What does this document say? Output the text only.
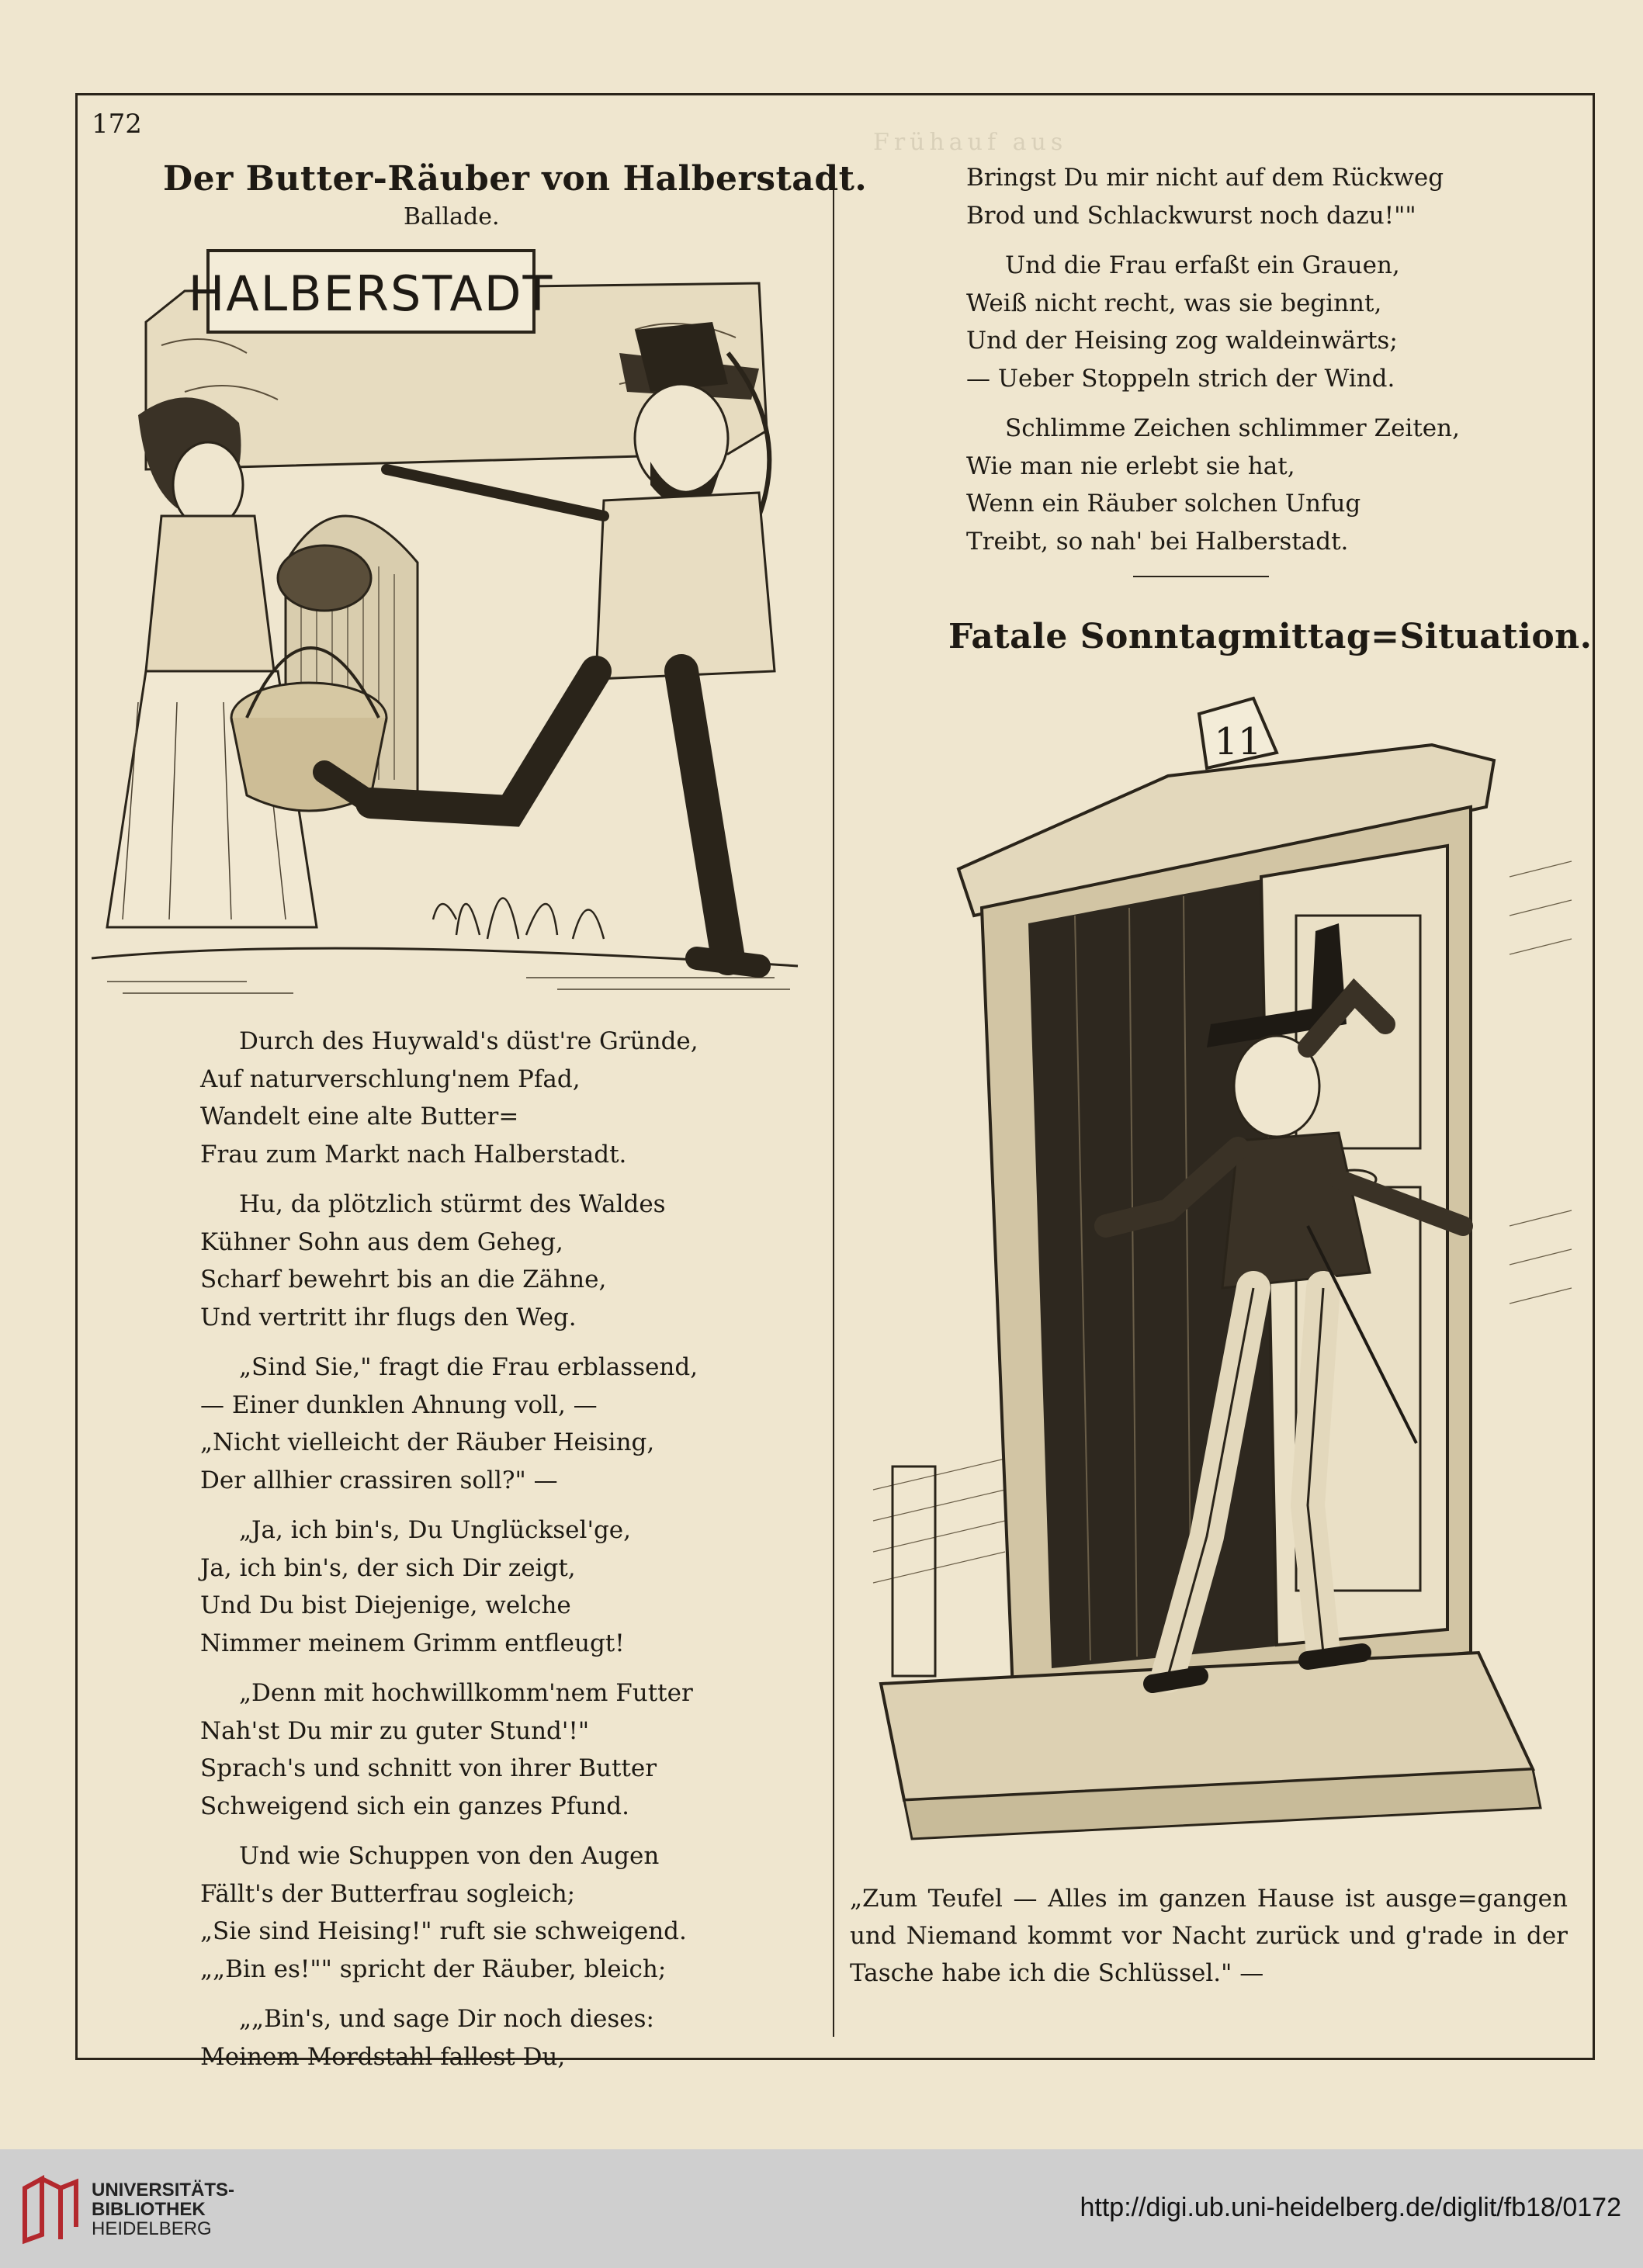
Frühauf aus

172
Der Butter-Räuber von Halberstadt.
Ballade.
HALBERSTADT
Durch des Huywald's düst're Gründe,
Auf naturverschlung'nem Pfad,
Wandelt eine alte Butter=
Frau zum Markt nach Halberstadt.
Hu, da plötzlich stürmt des Waldes
Kühner Sohn aus dem Geheg,
Scharf bewehrt bis an die Zähne,
Und vertritt ihr flugs den Weg.
„Sind Sie," fragt die Frau erblassend,
— Einer dunklen Ahnung voll, —
„Nicht vielleicht der Räuber Heising,
Der allhier crassiren soll?" —
„Ja, ich bin's, Du Unglücksel'ge,
Ja, ich bin's, der sich Dir zeigt,
Und Du bist Diejenige, welche
Nimmer meinem Grimm entfleugt!
„Denn mit hochwillkomm'nem Futter
Nah'st Du mir zu guter Stund'!"
Sprach's und schnitt von ihrer Butter
Schweigend sich ein ganzes Pfund.
Und wie Schuppen von den Augen
Fällt's der Butterfrau sogleich;
„Sie sind Heising!" ruft sie schweigend.
„„Bin es!"" spricht der Räuber, bleich;
„„Bin's, und sage Dir noch dieses:
Meinem Mordstahl fallest Du,
Bringst Du mir nicht auf dem Rückweg
Brod und Schlackwurst noch dazu!""
Und die Frau erfaßt ein Grauen,
Weiß nicht recht, was sie beginnt,
Und der Heising zog waldeinwärts;
— Ueber Stoppeln strich der Wind.
Schlimme Zeichen schlimmer Zeiten,
Wie man nie erlebt sie hat,
Wenn ein Räuber solchen Unfug
Treibt, so nah' bei Halberstadt.
Fatale Sonntagmittag=Situation.
11
„Zum Teufel — Alles im ganzen Hause ist ausge=gangen und Niemand kommt vor Nacht zurück und g'rade in der Tasche habe ich die Schlüssel." —
UNIVERSITÄTS-
BIBLIOTHEK
HEIDELBERG
http://digi.ub.uni-heidelberg.de/diglit/fb18/0172
